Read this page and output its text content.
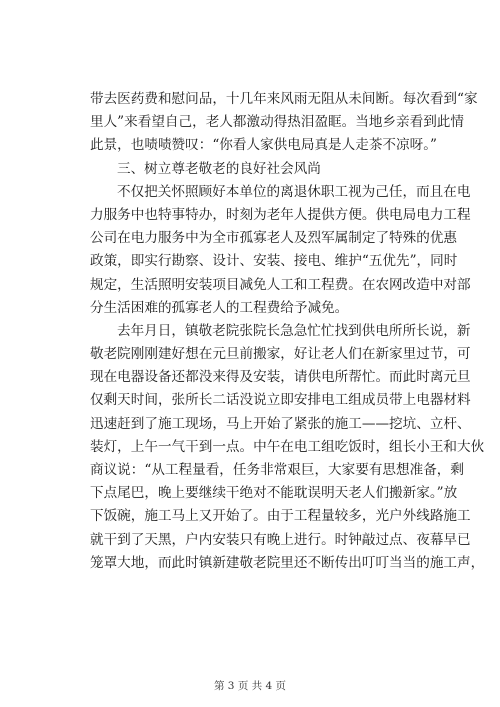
带去医药费和慰问品，十几年来风雨无阻从未间断。每次看到“家
里人”来看望自己，老人都激动得热泪盈眶。当地乡亲看到此情
此景，也啧啧赞叹：“你看人家供电局真是人走茶不凉呀。”
三、树立尊老敬老的良好社会风尚
不仅把关怀照顾好本单位的离退休职工视为己任，而且在电
力服务中也特事特办，时刻为老年人提供方便。供电局电力工程
公司在电力服务中为全市孤寡老人及烈军属制定了特殊的优惠
政策，即实行勘察、设计、安装、接电、维护“五优先”，同时
规定，生活照明安装项目减免人工和工程费。在农网改造中对部
分生活困难的孤寡老人的工程费给予减免。
去年月日，镇敬老院张院长急急忙忙找到供电所所长说，新
敬老院刚刚建好想在元旦前搬家，好让老人们在新家里过节，可
现在电器设备还都没来得及安装，请供电所帮忙。而此时离元旦
仅剩天时间，张所长二话没说立即安排电工组成员带上电器材料
迅速赶到了施工现场，马上开始了紧张的施工——挖坑、立杆、
装灯，上午一气干到一点。中午在电工组吃饭时，组长小王和大伙
商议说：“从工程量看，任务非常艰巨，大家要有思想准备，剩
下点尾巴，晚上要继续干绝对不能耽误明天老人们搬新家。”放
下饭碗，施工马上又开始了。由于工程量较多，光户外线路施工
就干到了天黑，户内安装只有晚上进行。时钟敲过点、夜幕早已
笼罩大地，而此时镇新建敬老院里还不断传出叮叮当当的施工声，
第 3 页 共 4 页
